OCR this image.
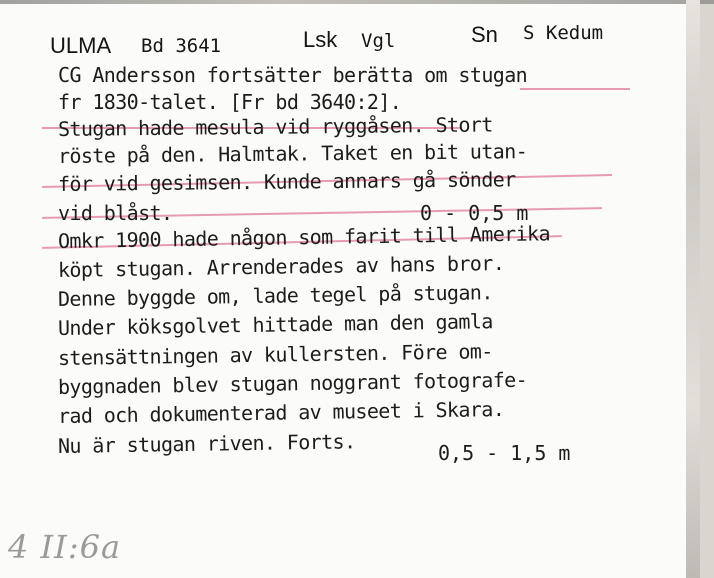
ULMA Bd 3641	Lsk Vgl	Sn S Kedum
CG Andersson fortsätter berätta om stugan
fr 1830-talet. [Fr bd 3640:2].
Stugan hade mesula vid ryggåsen. Stort
röste på den. Halmtak. Taket en bit utan-
för vid gesimsen. Kunde annars gå sönder
vid blåst.
Omkr 1900 hade någon som farit till Amerika
köpt stugan. Arrenderades av hans bror.
Denne byggde om, lade tegel på stugan.
Under köksgolvet hittade man den gamla
stensättningen av kullersten. Före om-
byggnaden blev stugan noggrant fotografe-
rad och dokumenterad av museet i Skara.
Nu är stugan riven. Forts.
0 - 0,5 m
0,5 - 1,5 m
4 II:6a
